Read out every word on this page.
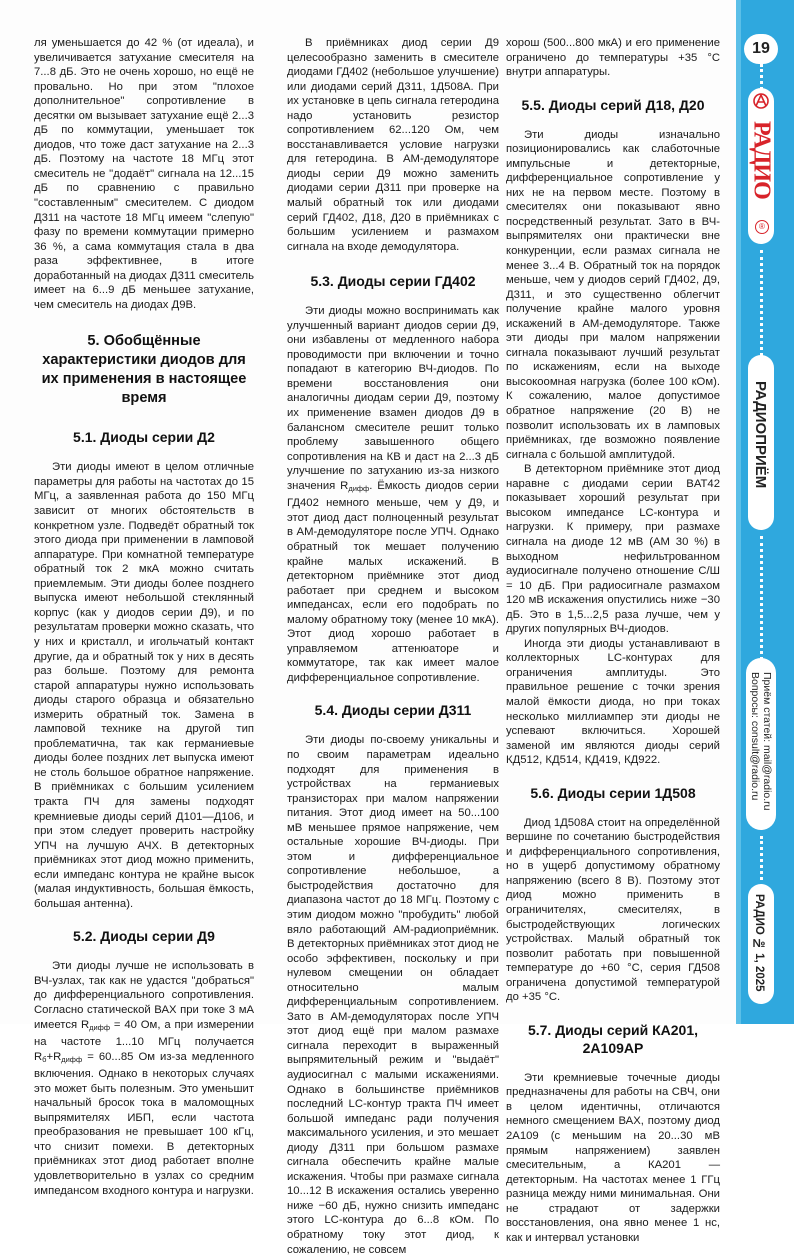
ля уменьшается до 42 % (от идеала), и увеличивается затухание смесителя на 7...8 дБ. Это не очень хорошо, но ещё не провально. Но при этом "плохое дополнительное" сопротивление в десятки ом вызывает затухание ещё 2...3 дБ по коммутации, уменьшает ток диодов, что тоже даст затухание на 2...3 дБ. Поэтому на частоте 18 МГц этот смеситель не "додаёт" сигнала на 12...15 дБ по сравнению с правильно "составленным" смесителем. С диодом Д311 на частоте 18 МГц имеем "слепую" фазу по времени коммутации примерно 36 %, а сама коммутация стала в два раза эффективнее, в итоге доработанный на диодах Д311 смеситель имеет на 6...9 дБ меньшее затухание, чем смеситель на диодах Д9В.

5. Обобщённые характеристики диодов для их применения в настоящее время
5.1. Диоды серии Д2

Эти диоды имеют в целом отличные параметры для работы на частотах до 15 МГц, а заявленная работа до 150 МГц зависит от многих обстоятельств в конкретном узле. Подведёт обратный ток этого диода при применении в ламповой аппаратуре. При комнатной температуре обратный ток 2 мкА можно считать приемлемым. Эти диоды более позднего выпуска имеют небольшой стеклянный корпус (как у диодов серии Д9), и по результатам проверки можно сказать, что у них и кристалл, и игольчатый контакт другие, да и обратный ток у них в десять раз больше. Поэтому для ремонта старой аппаратуры нужно использовать диоды старого образца и обязательно измерить обратный ток. Замена в ламповой технике на другой тип проблематична, так как германиевые диоды более поздних лет выпуска имеют не столь большое обратное напряжение. В приёмниках с большим усилением тракта ПЧ для замены подходят кремниевые диоды серий Д101—Д106, и при этом следует проверить настройку УПЧ на лучшую АЧХ. В детекторных приёмниках этот диод можно применить, если импеданс контура не крайне высок (малая индуктивность, большая ёмкость, большая антенна).

5.2. Диоды серии Д9

Эти диоды лучше не использовать в ВЧ-узлах, так как не удастся "добраться" до дифференциального сопротивления. Согласно статической ВАХ при токе 3 мА имеется $R_{дифф} = 40$ Ом, а при измерении на частоте 1...10 МГц получается $R_б+R_{дифф} = 60...85$ Ом из-за медленного включения. Однако в некоторых случаях это может быть полезным. Это уменьшит начальный бросок тока в маломощных выпрямителях ИБП, если частота преобразования не превышает 100 кГц, что снизит помехи. В детекторных приёмниках этот диод работает вполне удовлетворительно в узлах со средним импедансом входного контура и нагрузки.

В приёмниках диод серии Д9 целесообразно заменить в смесителе диодами ГД402 (небольшое улучшение) или диодами серий Д311, 1Д508А. При их установке в цепь сигнала гетеродина надо установить резистор сопротивлением 62...120 Ом, чем восстанавливается условие нагрузки для гетеродина. В АМ-демодуляторе диоды серии Д9 можно заменить диодами серии Д311 при проверке на малый обратный ток или диодами серий ГД402, Д18, Д20 в приёмниках с большим усилением и размахом сигнала на входе демодулятора.

5.3. Диоды серии ГД402

Эти диоды можно воспринимать как улучшенный вариант диодов серии Д9, они избавлены от медленного набора проводимости при включении и точно попадают в категорию ВЧ-диодов. По времени восстановления они аналогичны диодам серии Д9, поэтому их применение взамен диодов Д9 в балансном смесителе решит только проблему завышенного общего сопротивления на КВ и даст на 2...3 дБ улучшение по затуханию из-за низкого значения $R_{дифф}$. Ёмкость диодов серии ГД402 немного меньше, чем у Д9, и этот диод даст полноценный результат в АМ-демодуляторе после УПЧ. Однако обратный ток мешает получению крайне малых искажений. В детекторном приёмнике этот диод работает при среднем и высоком импедансах, если его подобрать по малому обратному току (менее 10 мкА). Этот диод хорошо работает в управляемом аттенюаторе и коммутаторе, так как имеет малое дифференциальное сопротивление.

5.4. Диоды серии Д311

Эти диоды по-своему уникальны и по своим параметрам идеально подходят для применения в устройствах на германиевых транзисторах при малом напряжении питания. Этот диод имеет на 50...100 мВ меньшее прямое напряжение, чем остальные хорошие ВЧ-диоды. При этом и дифференциальное сопротивление небольшое, а быстродействия достаточно для диапазона частот до 18 МГц. Поэтому с этим диодом можно "пробудить" любой вяло работающий АМ-радиоприёмник. В детекторных приёмниках этот диод не особо эффективен, поскольку и при нулевом смещении он обладает относительно малым дифференциальным сопротивлением. Зато в АМ-демодуляторах после УПЧ этот диод ещё при малом размахе сигнала переходит в выраженный выпрямительный режим и "выдаёт" аудиосигнал с малыми искажениями. Однако в большинстве приёмников последний LC-контур тракта ПЧ имеет большой импеданс ради получения максимального усиления, и это мешает диоду Д311 при большом размахе сигнала обеспечить крайне малые искажения. Чтобы при размахе сигнала 10...12 В искажения остались уверенно ниже −60 дБ, нужно снизить импеданс этого LC-контура до 6...8 кОм. По обратному току этот диод, к сожалению, не совсем

хорош (500...800 мкА) и его применение ограничено до температуры +35 °С внутри аппаратуры.

5.5. Диоды серий Д18, Д20

Эти диоды изначально позиционировались как слаботочные импульсные и детекторные, дифференциальное сопротивление у них не на первом месте. Поэтому в смесителях они показывают явно посредственный результат. Зато в ВЧ-выпрямителях они практически вне конкуренции, если размах сигнала не менее 3...4 В. Обратный ток на порядок меньше, чем у диодов серий ГД402, Д9, Д311, и это существенно облегчит получение крайне малого уровня искажений в АМ-демодуляторе. Также эти диоды при малом напряжении сигнала показывают лучший результат по искажениям, если на выходе высокоомная нагрузка (более 100 кОм). К сожалению, малое допустимое обратное напряжение (20 В) не позволит использовать их в ламповых приёмниках, где возможно появление сигнала с большой амплитудой.

В детекторном приёмнике этот диод наравне с диодами серии BAT42 показывает хороший результат при высоком импедансе LC-контура и нагрузки. К примеру, при размахе сигнала на диоде 12 мВ (АМ 30 %) в выходном нефильтрованном аудиосигнале получено отношение С/Ш = 10 дБ. При радиосигнале размахом 120 мВ искажения опустились ниже −30 дБ. Это в 1,5...2,5 раза лучше, чем у других популярных ВЧ-диодов.

Иногда эти диоды устанавливают в коллекторных LC-контурах для ограничения амплитуды. Это правильное решение с точки зрения малой ёмкости диода, но при токах несколько миллиампер эти диоды не успевают включиться. Хорошей заменой им являются диоды серий КД512, КД514, КД419, КД922.

5.6. Диоды серии 1Д508

Диод 1Д508А стоит на определённой вершине по сочетанию быстродействия и дифференциального сопротивления, но в ущерб допустимому обратному напряжению (всего 8 В). Поэтому этот диод можно применить в ограничителях, смесителях, в быстродействующих логических устройствах. Малый обратный ток позволит работать при повышенной температуре до +60 °С, серия ГД508 ограничена допустимой температурой до +35 °С.

5.7. Диоды серий КА201, 2А109АР

Эти кремниевые точечные диоды предназначены для работы на СВЧ, они в целом идентичны, отличаются немного смещением ВАХ, поэтому диод 2А109 (с меньшим на 20...30 мВ прямым напряжением) заявлен смесительным, а КА201 — детекторным. На частотах менее 1 ГГц разница между ними минимальная. Они не страдают от задержки восстановления, она явно менее 1 нс, как и интервал установки

19
РАДИО
®
РАДИОПРИЁМ
Приём статей: mail@radio.ru
Вопросы: consult@radio.ru
РАДИО № 1, 2025
